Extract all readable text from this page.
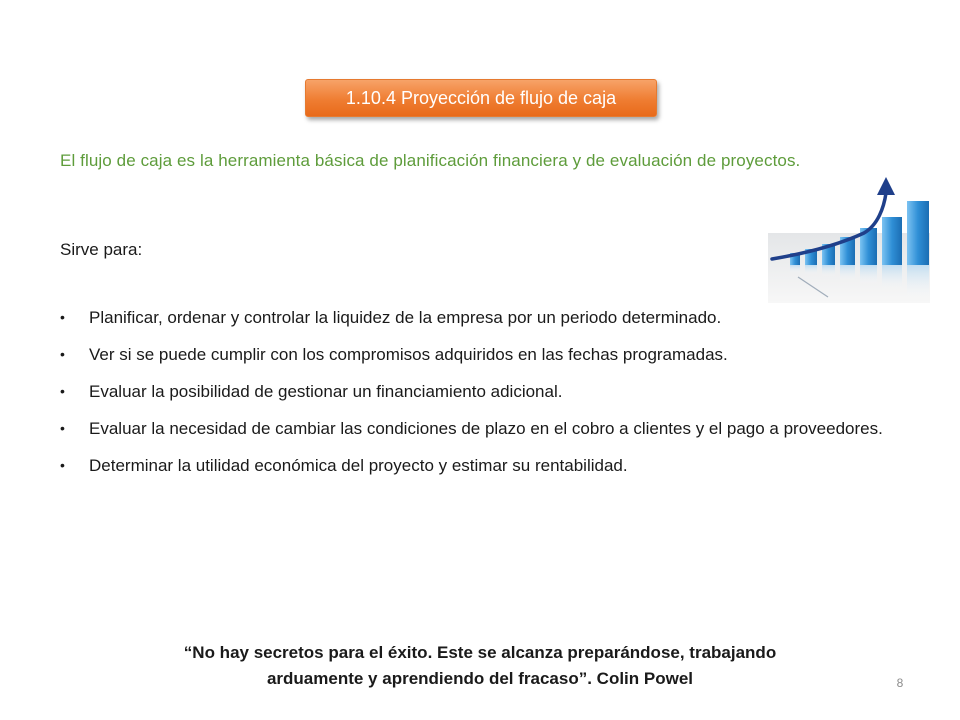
1.10.4 Proyección de flujo de caja
El flujo de caja es la herramienta básica de planificación financiera y de evaluación de proyectos.
Sirve para:
•	Planificar, ordenar y controlar la liquidez de la empresa por un periodo determinado.
•	Ver si se puede cumplir con los compromisos adquiridos en las fechas programadas.
•	Evaluar la posibilidad de gestionar un financiamiento adicional.
•	Evaluar la necesidad de cambiar las condiciones de plazo en el cobro a clientes y el pago a proveedores.
•	Determinar la utilidad económica del proyecto y estimar su rentabilidad.
“No hay secretos para el éxito. Este se alcanza preparándose, trabajando
arduamente y aprendiendo del fracaso”. Colin Powel	8
